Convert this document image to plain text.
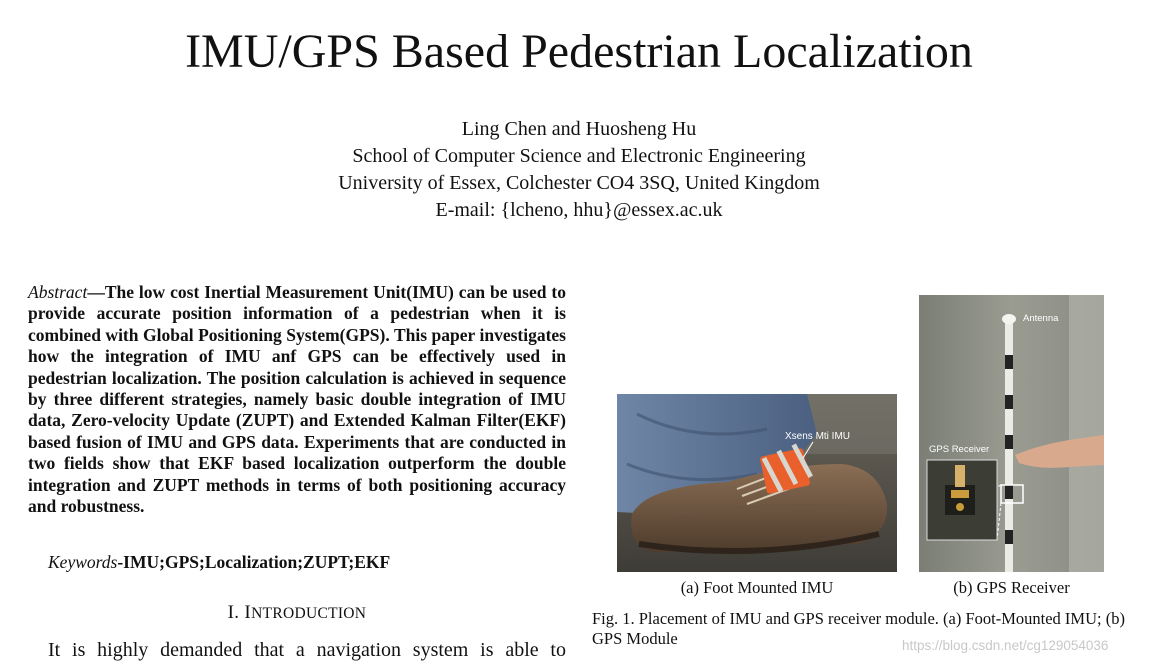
IMU/GPS Based Pedestrian Localization
Ling Chen and Huosheng Hu
School of Computer Science and Electronic Engineering
University of Essex, Colchester CO4 3SQ, United Kingdom
E-mail: {lcheno, hhu}@essex.ac.uk
Abstract—The low cost Inertial Measurement Unit(IMU) can be used to provide accurate position information of a pedestrian when it is combined with Global Positioning System(GPS). This paper investigates how the integration of IMU anf GPS can be effectively used in pedestrian localization. The position calculation is achieved in sequence by three different strategies, namely basic double integration of IMU data, Zero-velocity Update (ZUPT) and Extended Kalman Filter(EKF) based fusion of IMU and GPS data. Experiments that are conducted in two fields show that EKF based localization outperform the double integration and ZUPT methods in terms of both positioning accuracy and robustness.
Keywords-IMU;GPS;Localization;ZUPT;EKF
I. INTRODUCTION
It is highly demanded that a navigation system is able to
Xsens Mti IMU
Antenna
GPS Receiver
(a) Foot Mounted IMU	(b) GPS Receiver
Fig. 1. Placement of IMU and GPS receiver module. (a) Foot-Mounted IMU; (b) GPS Module	https://blog.csdn.net/cg129054036
